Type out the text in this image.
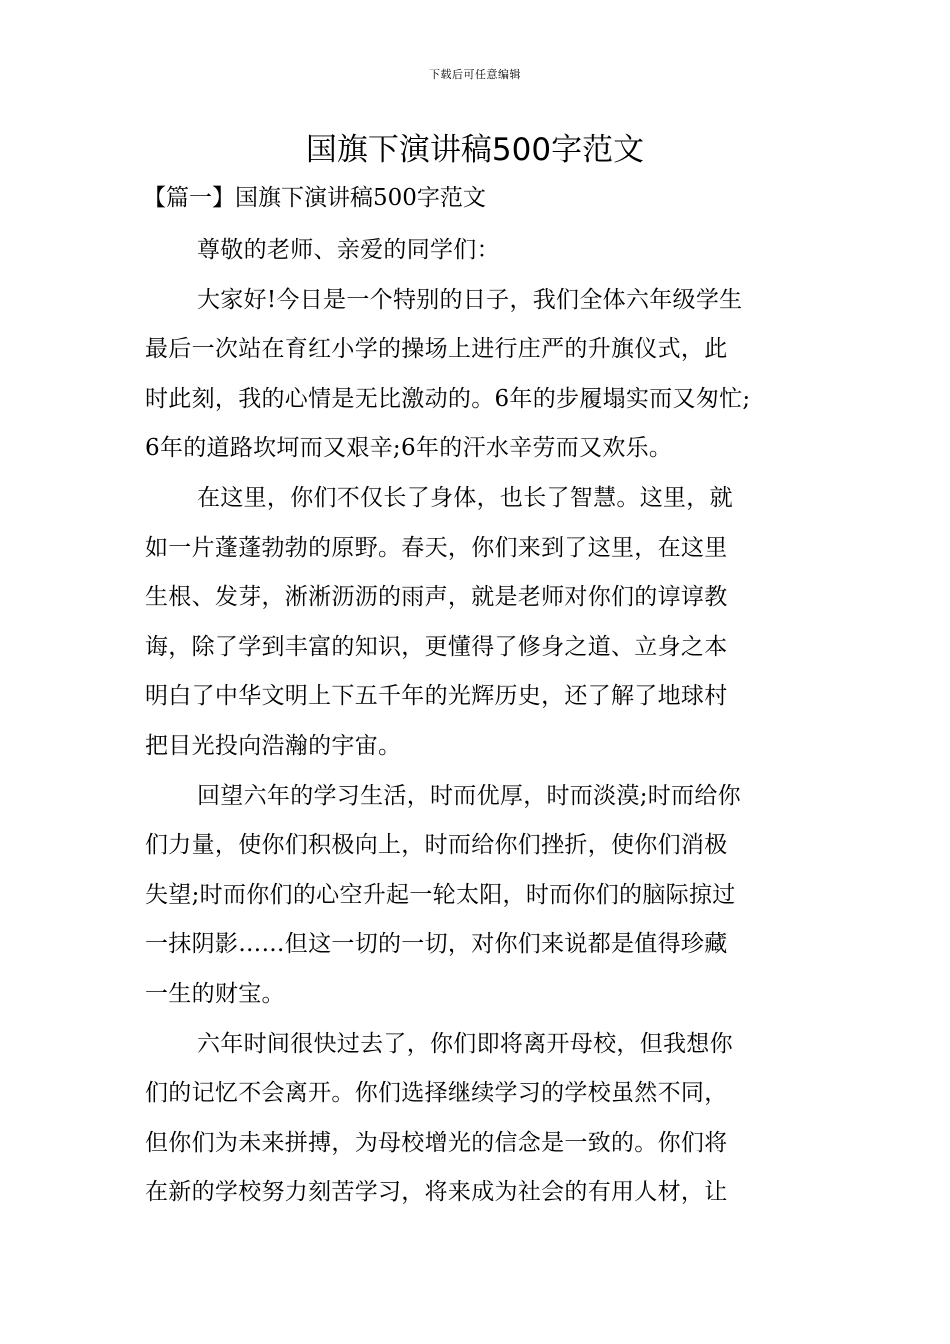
下载后可任意编辑
国旗下演讲稿500字范文
【篇一】国旗下演讲稿500字范文

尊敬的老师、亲爱的同学们：

大家好!今日是一个特别的日子，我们全体六年级学生
最后一次站在育红小学的操场上进行庄严的升旗仪式，此
时此刻，我的心情是无比激动的。6年的步履塌实而又匆忙;
6年的道路坎坷而又艰辛;6年的汗水辛劳而又欢乐。

在这里，你们不仅长了身体，也长了智慧。这里，就
如一片蓬蓬勃勃的原野。春天，你们来到了这里，在这里
生根、发芽，淅淅沥沥的雨声，就是老师对你们的谆谆教
诲，除了学到丰富的知识，更懂得了修身之道、立身之本
明白了中华文明上下五千年的光辉历史，还了解了地球村
把目光投向浩瀚的宇宙。

回望六年的学习生活，时而优厚，时而淡漠;时而给你
们力量，使你们积极向上，时而给你们挫折，使你们消极
失望;时而你们的心空升起一轮太阳，时而你们的脑际掠过
一抹阴影……但这一切的一切，对你们来说都是值得珍藏
一生的财宝。

六年时间很快过去了，你们即将离开母校，但我想你
们的记忆不会离开。你们选择继续学习的学校虽然不同，
但你们为未来拼搏，为母校增光的信念是一致的。你们将
在新的学校努力刻苦学习，将来成为社会的有用人材，让
